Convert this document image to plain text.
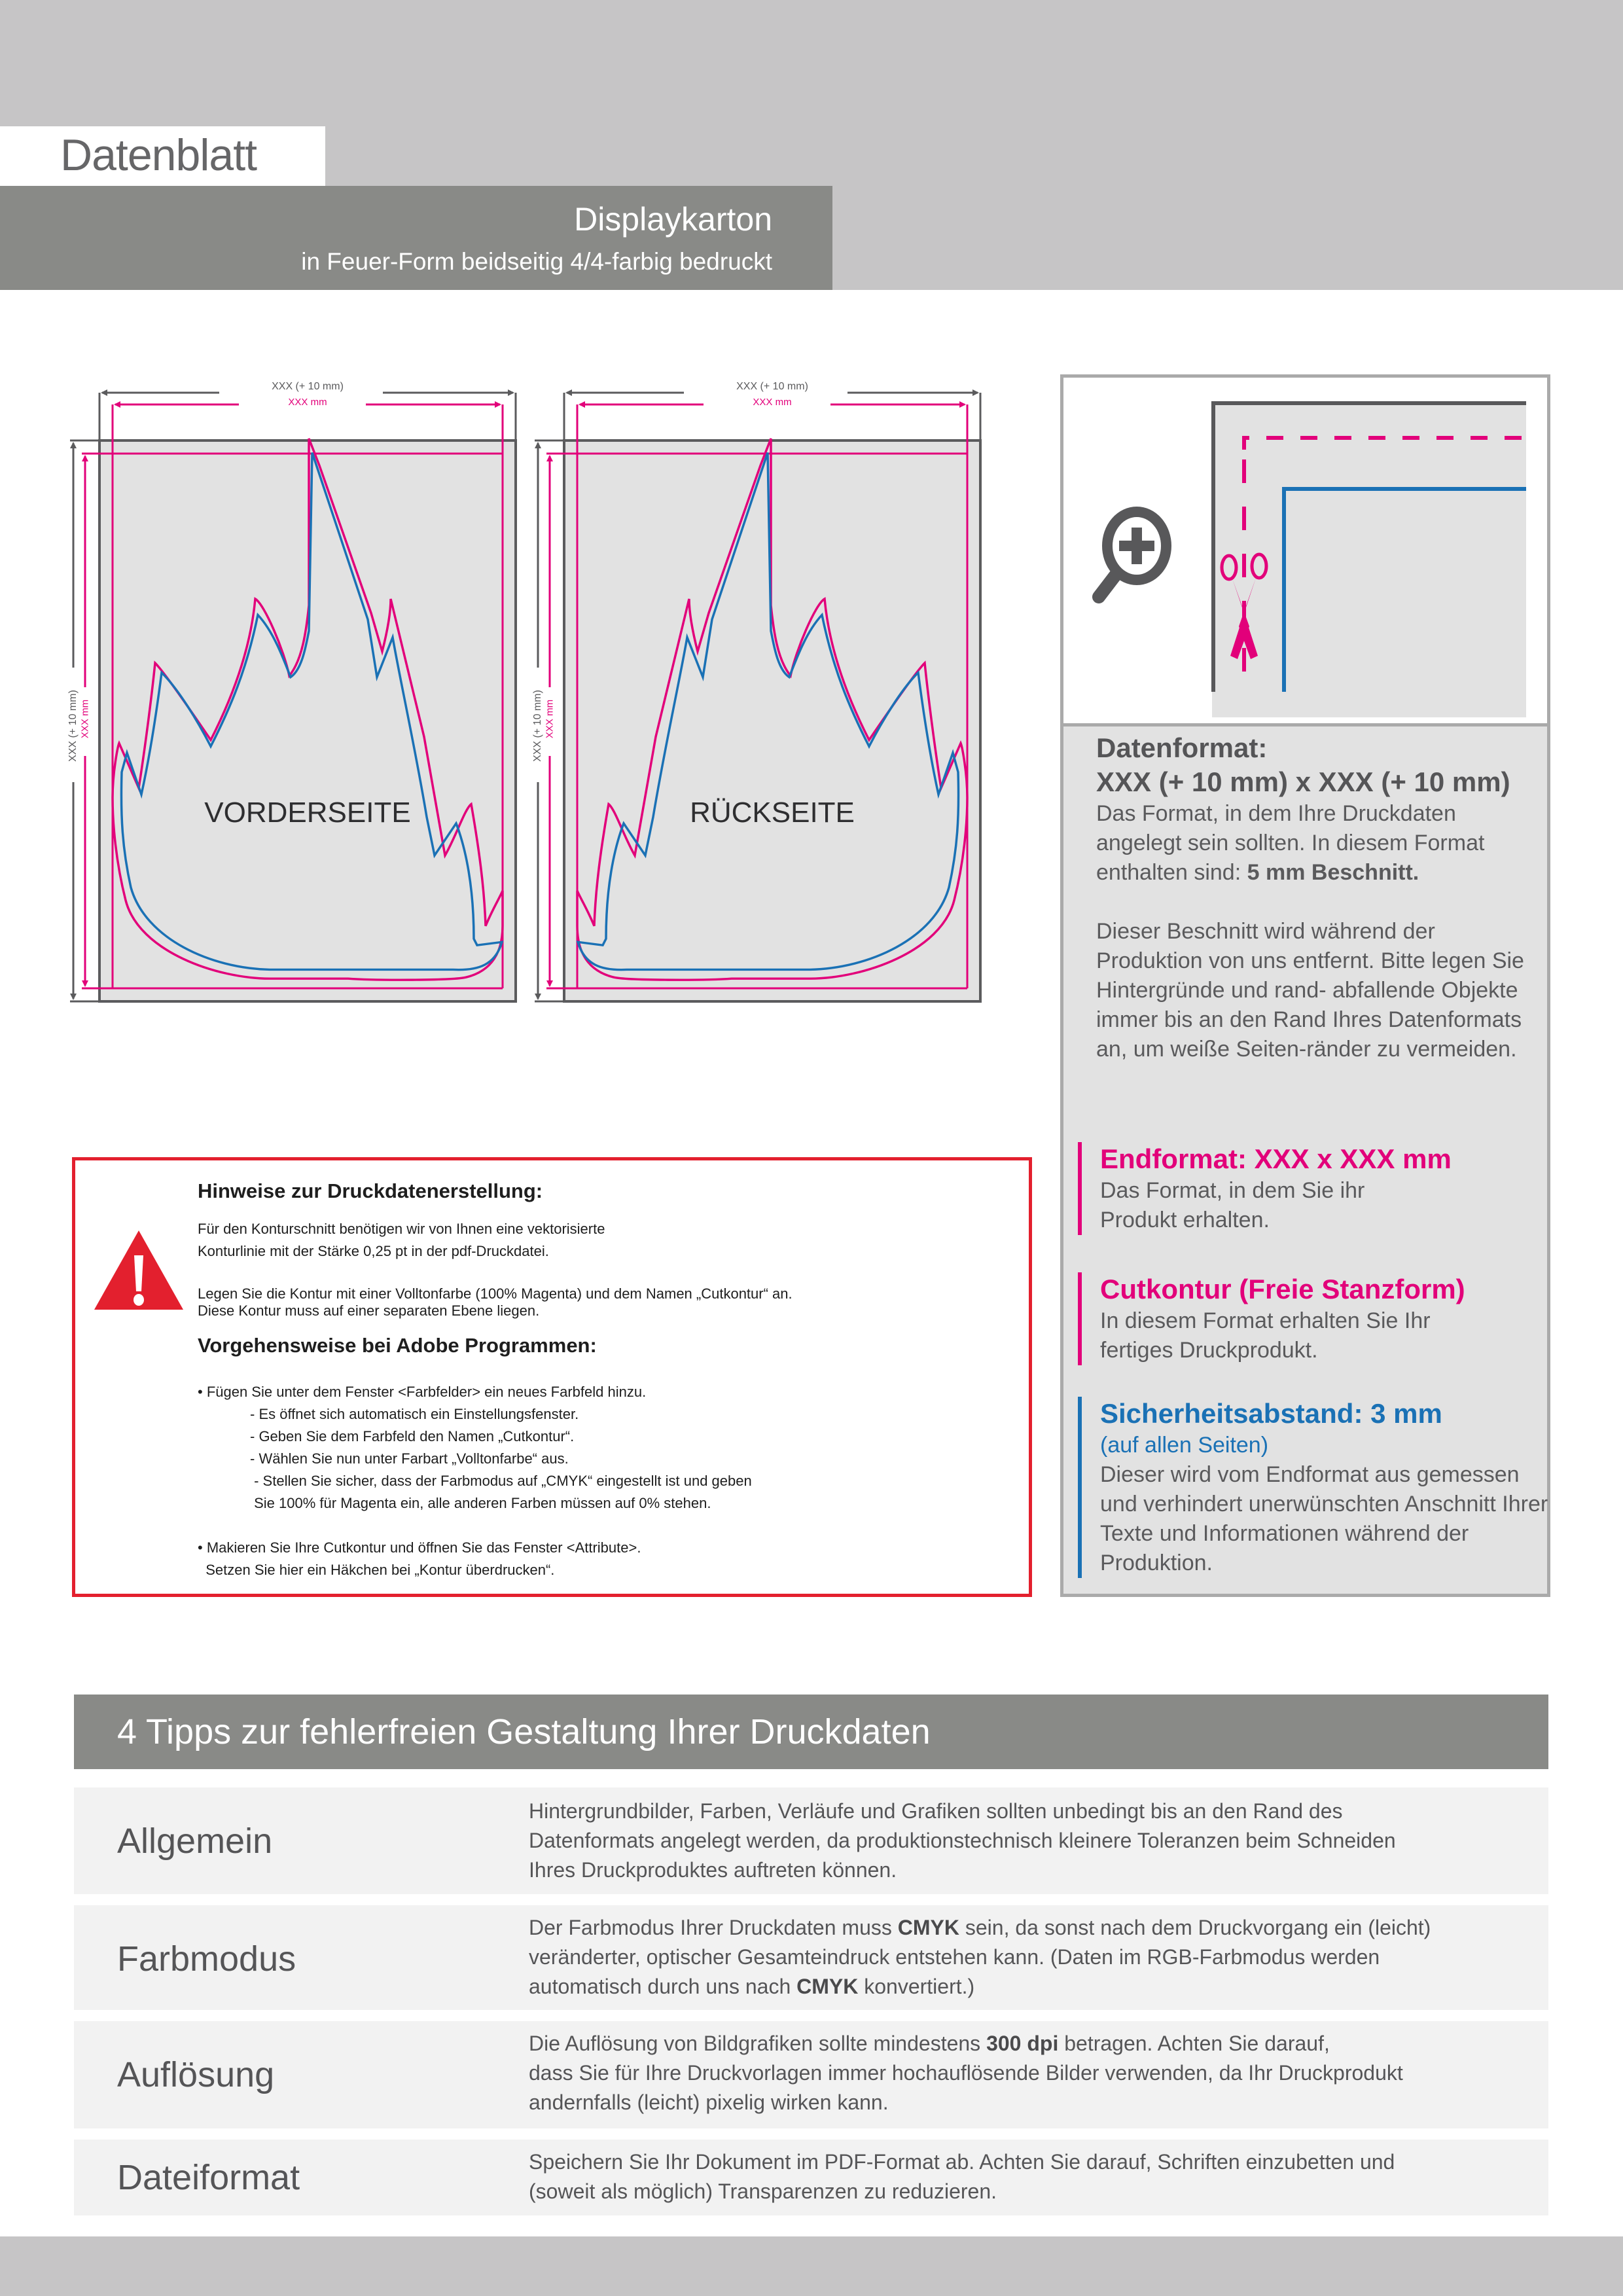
Datenblatt
Displaykarton
in Feuer-Form beidseitig 4/4-farbig bedruckt
XXX (+ 10 mm)
XXX mm
XXX (+ 10 mm) XXX mm
VORDERSEITE
XXX (+ 10 mm)
XXX mm
XXX (+ 10 mm) XXX mm
RÜCKSEITE
Datenformat:
XXX (+ 10 mm) x XXX (+ 10 mm)
Das Format, in dem Ihre Druckdaten angelegt sein sollten. In diesem Format enthalten sind: 5 mm Beschnitt.
Dieser Beschnitt wird während der Produktion von uns entfernt. Bitte legen Sie Hintergründe und rand- abfallende Objekte immer bis an den Rand Ihres Datenformats an, um weiße Seiten-ränder zu vermeiden.
Endformat: XXX x XXX mm
Das Format, in dem Sie ihr Produkt erhalten.
Cutkontur (Freie Stanzform)
In diesem Format erhalten Sie Ihr fertiges Druckprodukt.
Sicherheitsabstand: 3 mm
(auf allen Seiten)
Dieser wird vom Endformat aus gemessen und verhindert unerwünschten Anschnitt Ihrer Texte und Informationen während der Produktion.
Hinweise zur Druckdatenerstellung:
Für den Konturschnitt benötigen wir von Ihnen eine vektorisierte
Konturlinie mit der Stärke 0,25 pt in der pdf-Druckdatei.
Legen Sie die Kontur mit einer Volltonfarbe (100% Magenta) und dem Namen „Cutkontur“ an.
Diese Kontur muss auf einer separaten Ebene liegen.
Vorgehensweise bei Adobe Programmen:
• Fügen Sie unter dem Fenster <Farbfelder> ein neues Farbfeld hinzu.
- Es öffnet sich automatisch ein Einstellungsfenster.
- Geben Sie dem Farbfeld den Namen „Cutkontur“.
- Wählen Sie nun unter Farbart „Volltonfarbe“ aus.
- Stellen Sie sicher, dass der Farbmodus auf „CMYK“ eingestellt ist und geben
Sie 100% für Magenta ein, alle anderen Farben müssen auf 0% stehen.
• Makieren Sie Ihre Cutkontur und öffnen Sie das Fenster <Attribute>.
Setzen Sie hier ein Häkchen bei „Kontur überdrucken“.
4 Tipps zur fehlerfreien Gestaltung Ihrer Druckdaten
Allgemein
Hintergrundbilder, Farben, Verläufe und Grafiken sollten unbedingt bis an den Rand des
Datenformats angelegt werden, da produktionstechnisch kleinere Toleranzen beim Schneiden
Ihres Druckproduktes auftreten können.
Farbmodus
Der Farbmodus Ihrer Druckdaten muss CMYK sein, da sonst nach dem Druckvorgang ein (leicht)
veränderter, optischer Gesamteindruck entstehen kann. (Daten im RGB-Farbmodus werden
automatisch durch uns nach CMYK konvertiert.)
Auflösung
Die Auflösung von Bildgrafiken sollte mindestens 300 dpi betragen. Achten Sie darauf,
dass Sie für Ihre Druckvorlagen immer hochauflösende Bilder verwenden, da Ihr Druckprodukt
andernfalls (leicht) pixelig wirken kann.
Dateiformat	Speichern Sie Ihr Dokument im PDF-Format ab. Achten Sie darauf, Schriften einzubetten und
(soweit als möglich) Transparenzen zu reduzieren.
